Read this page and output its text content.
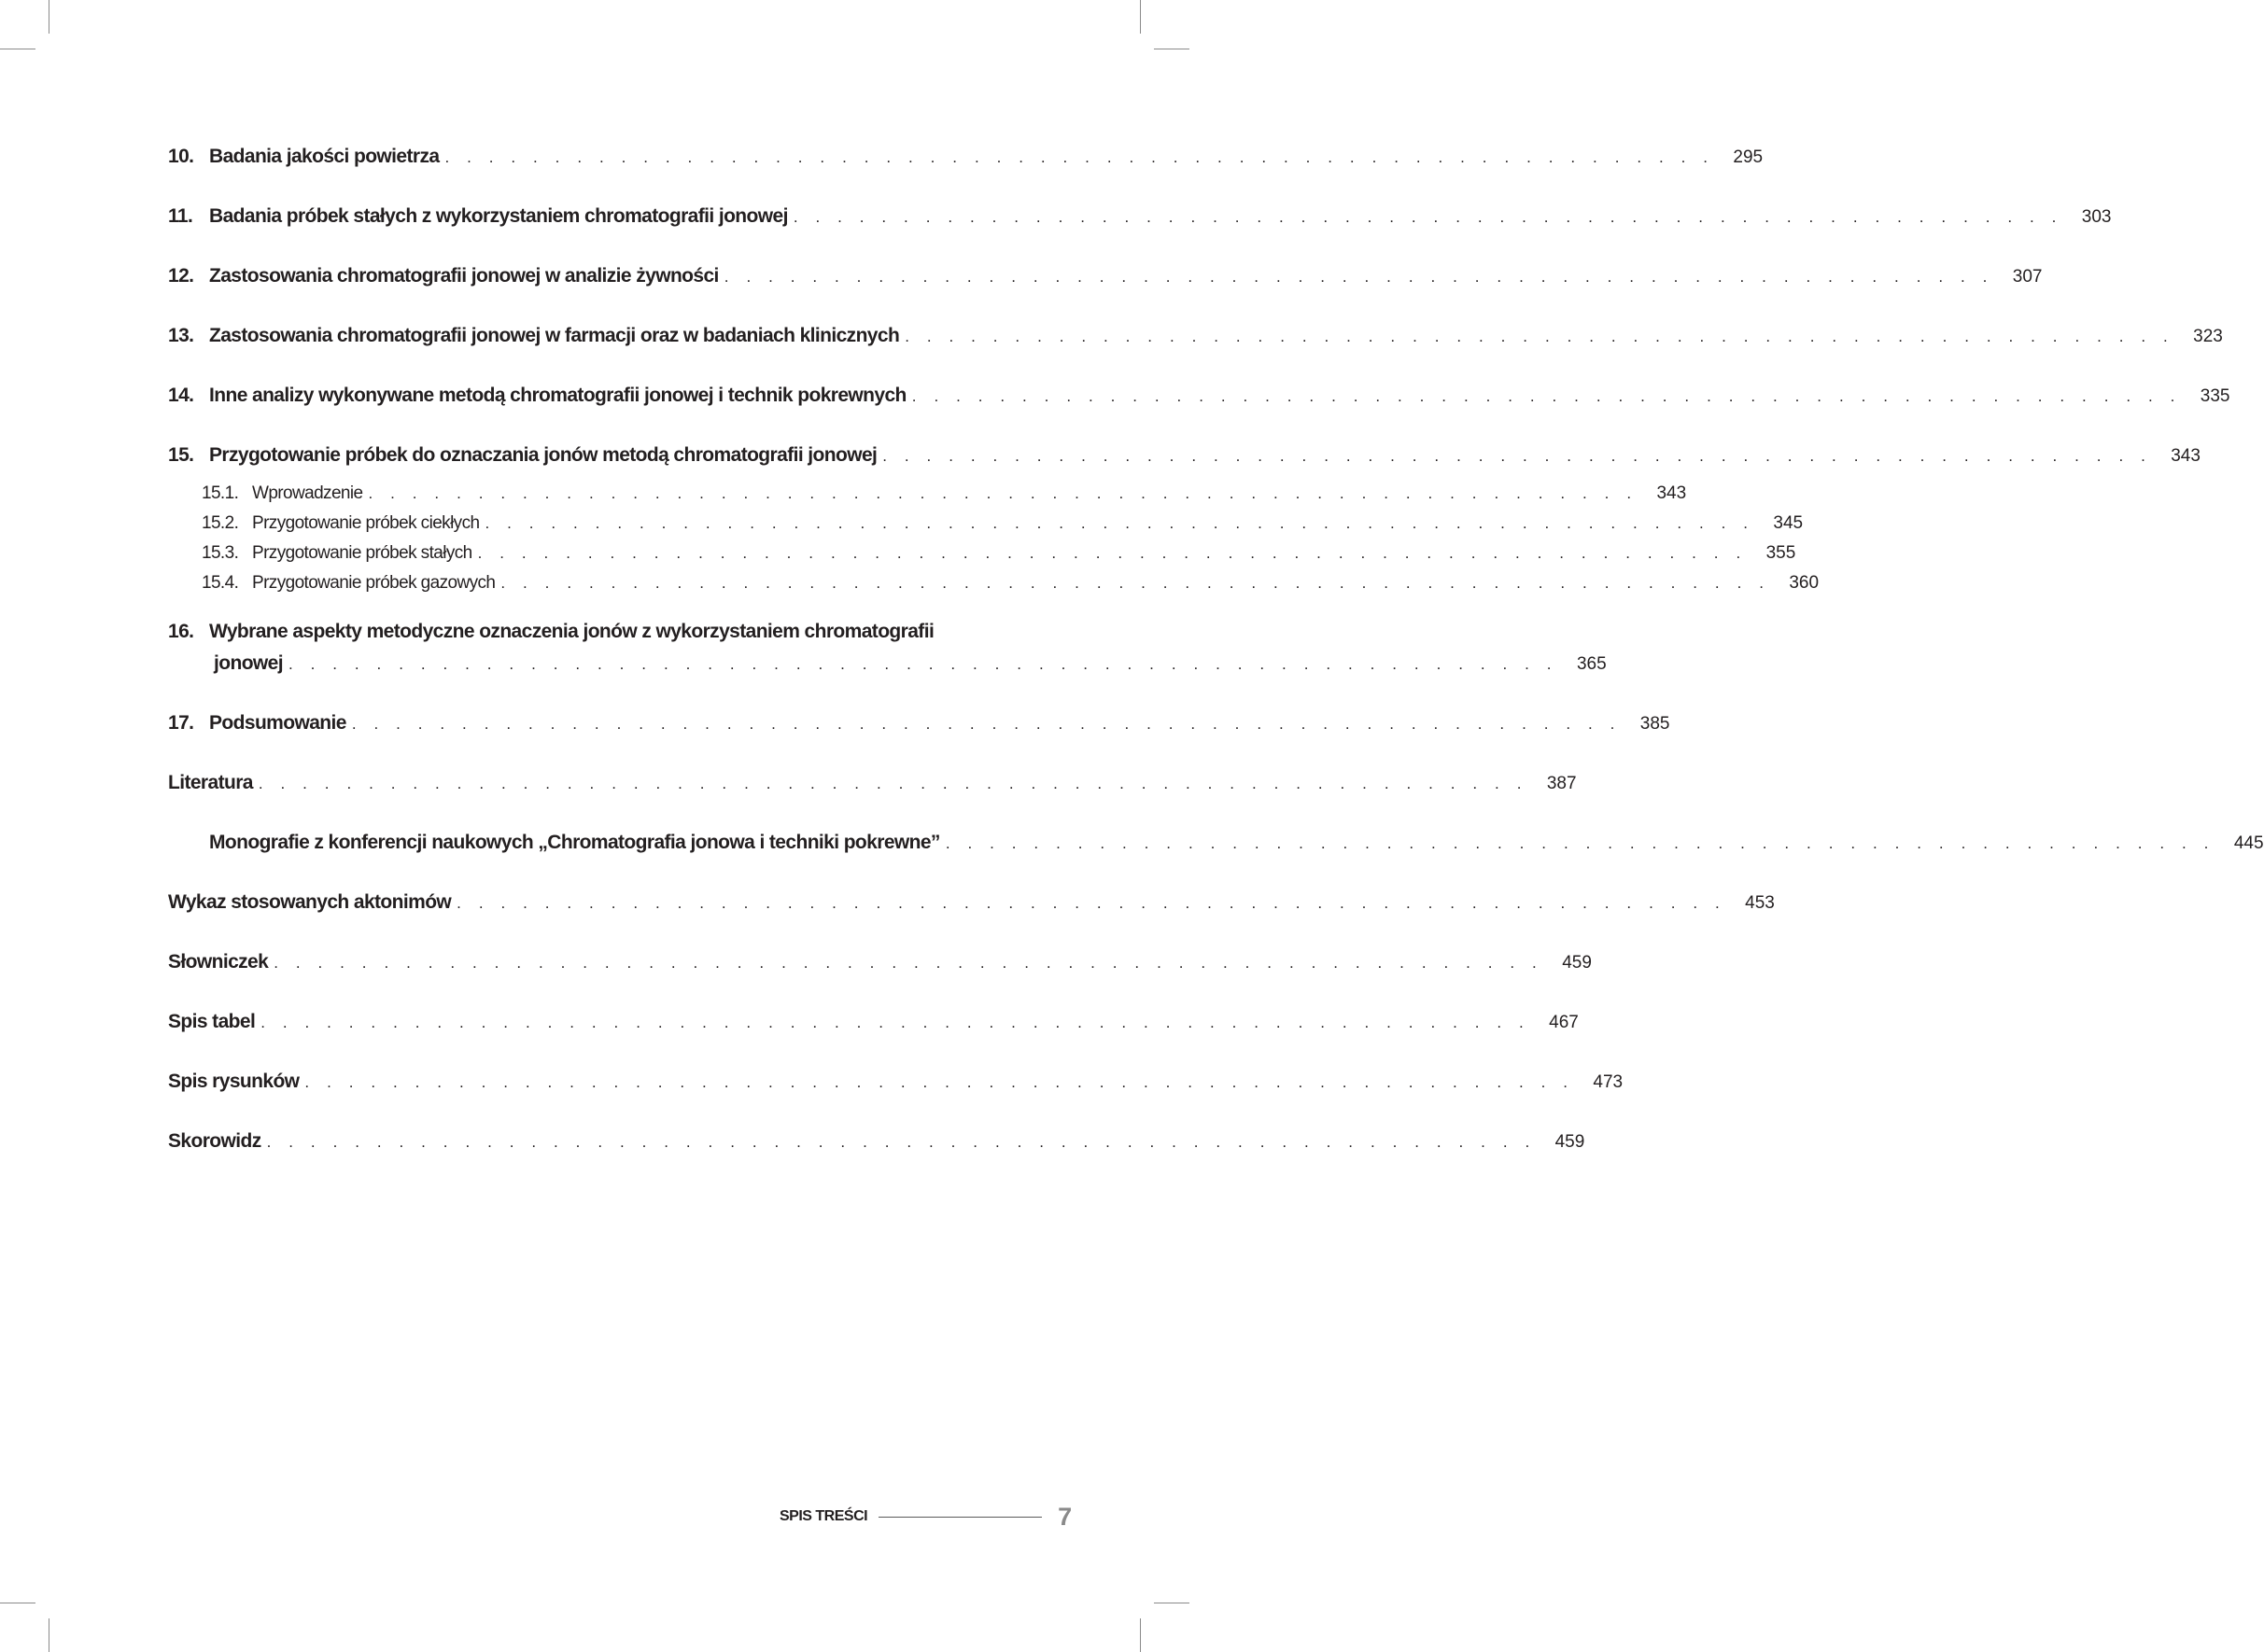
10. Badania jakości powietrza . . . . . . . . . . . . . . . . . . . . . . . . . . . . . . . . . . . . . . . . . . . . . . . . . . . . . . . . . .	295
11. Badania próbek stałych z wykorzystaniem chromatografii jonowej . . . . . . . . . . . . . . . . . . . . . . . . . . . . . . . . . . . . . . . . . . . . . . . . . . . . . . . . . .	303
12. Zastosowania chromatografii jonowej w analizie żywności . . . . . . . . . . . . . . . . . . . . . . . . . . . . . . . . . . . . . . . . . . . . . . . . . . . . . . . . . .	307
13. Zastosowania chromatografii jonowej w farmacji oraz w badaniach klinicznych . . . . . . . . . . . . . . . . . . . . . . . . . . . . . . . . . . . . . . . . . . . . . . . . . . . . . . . . . .	323
14. Inne analizy wykonywane metodą chromatografii jonowej i technik pokrewnych . . . . . . . . . . . . . . . . . . . . . . . . . . . . . . . . . . . . . . . . . . . . . . . . . . . . . . . . . .	335
15. Przygotowanie próbek do oznaczania jonów metodą chromatografii jonowej . . . . . . . . . . . . . . . . . . . . . . . . . . . . . . . . . . . . . . . . . . . . . . . . . . . . . . . . . .	343
15.1. Wprowadzenie . . . . . . . . . . . . . . . . . . . . . . . . . . . . . . . . . . . . . . . . . . . . . . . . . . . . . . . . . .	343
15.2. Przygotowanie próbek ciekłych . . . . . . . . . . . . . . . . . . . . . . . . . . . . . . . . . . . . . . . . . . . . . . . . . . . . . . . . . .	345
15.3. Przygotowanie próbek stałych . . . . . . . . . . . . . . . . . . . . . . . . . . . . . . . . . . . . . . . . . . . . . . . . . . . . . . . . . .	355
15.4. Przygotowanie próbek gazowych . . . . . . . . . . . . . . . . . . . . . . . . . . . . . . . . . . . . . . . . . . . . . . . . . . . . . . . . . .	360
16. Wybrane aspekty metodyczne oznaczenia jonów z wykorzystaniem chromatografii
jonowej . . . . . . . . . . . . . . . . . . . . . . . . . . . . . . . . . . . . . . . . . . . . . . . . . . . . . . . . . .	365
17. Podsumowanie . . . . . . . . . . . . . . . . . . . . . . . . . . . . . . . . . . . . . . . . . . . . . . . . . . . . . . . . . .	385
Literatura . . . . . . . . . . . . . . . . . . . . . . . . . . . . . . . . . . . . . . . . . . . . . . . . . . . . . . . . . .	387
Monografie z konferencji naukowych „Chromatografia jonowa i techniki pokrewne” . . . . . . . . . . . . . . . . . . . . . . . . . . . . . . . . . . . . . . . . . . . . . . . . . . . . . . . . . .	445
Wykaz stosowanych aktonimów . . . . . . . . . . . . . . . . . . . . . . . . . . . . . . . . . . . . . . . . . . . . . . . . . . . . . . . . . .	453
Słowniczek . . . . . . . . . . . . . . . . . . . . . . . . . . . . . . . . . . . . . . . . . . . . . . . . . . . . . . . . . .	459
Spis tabel . . . . . . . . . . . . . . . . . . . . . . . . . . . . . . . . . . . . . . . . . . . . . . . . . . . . . . . . . .	467
Spis rysunków . . . . . . . . . . . . . . . . . . . . . . . . . . . . . . . . . . . . . . . . . . . . . . . . . . . . . . . . . .	473
Skorowidz . . . . . . . . . . . . . . . . . . . . . . . . . . . . . . . . . . . . . . . . . . . . . . . . . . . . . . . . . .	459
SPIS TREŚCI	7
